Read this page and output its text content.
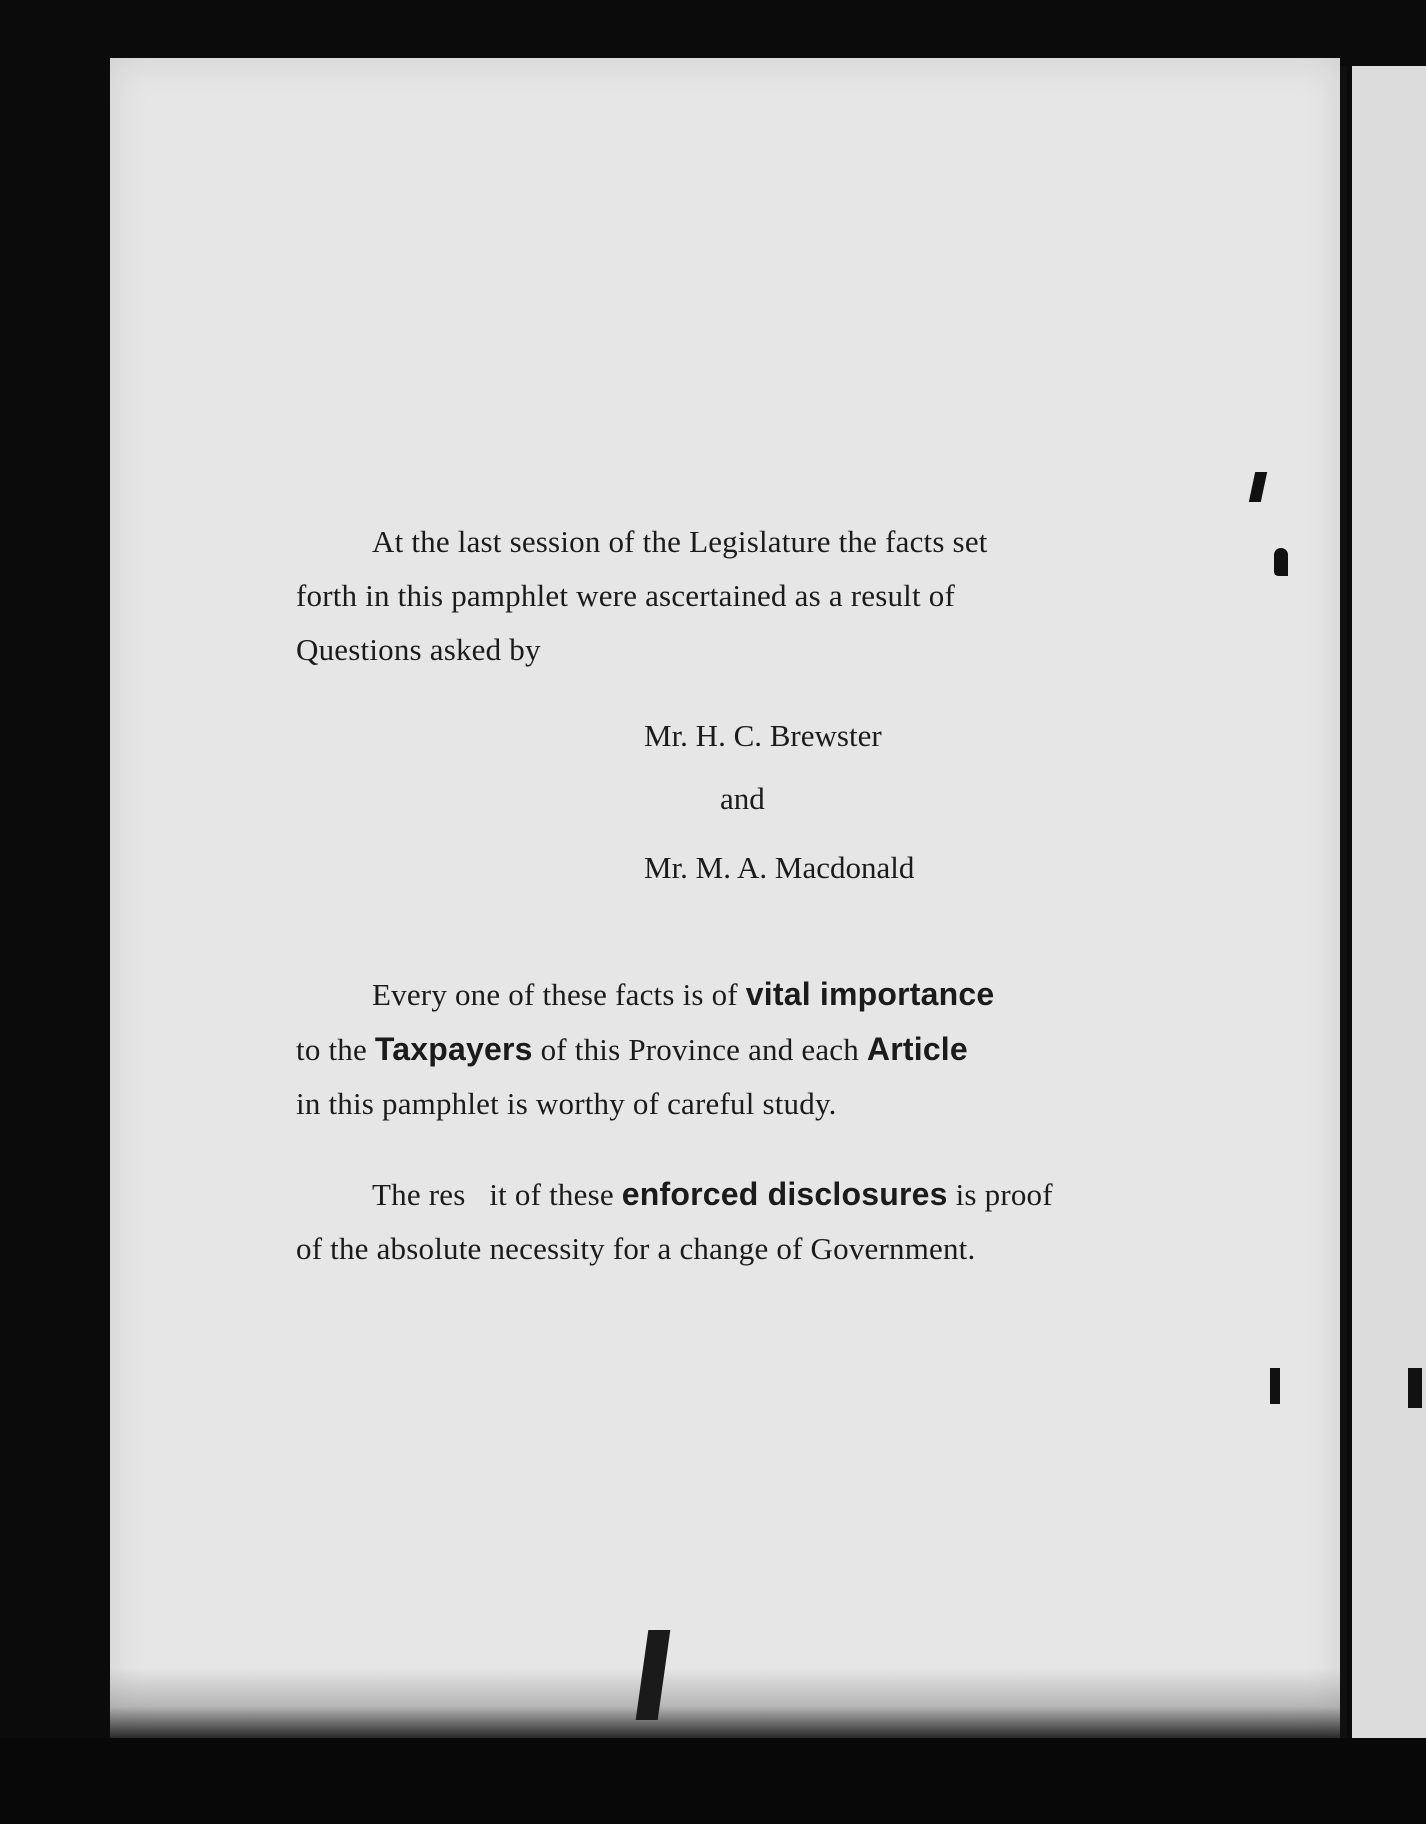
At the last session of the Legislature the facts set
forth in this pamphlet were ascertained as a result of
Questions asked by
Mr. H. C. Brewster
and
Mr. M. A. Macdonald
Every one of these facts is of vital importance
to the Taxpayers of this Province and each Article
in this pamphlet is worthy of careful study.
The res   it of these enforced disclosures is proof
of the absolute necessity for a change of Government.
